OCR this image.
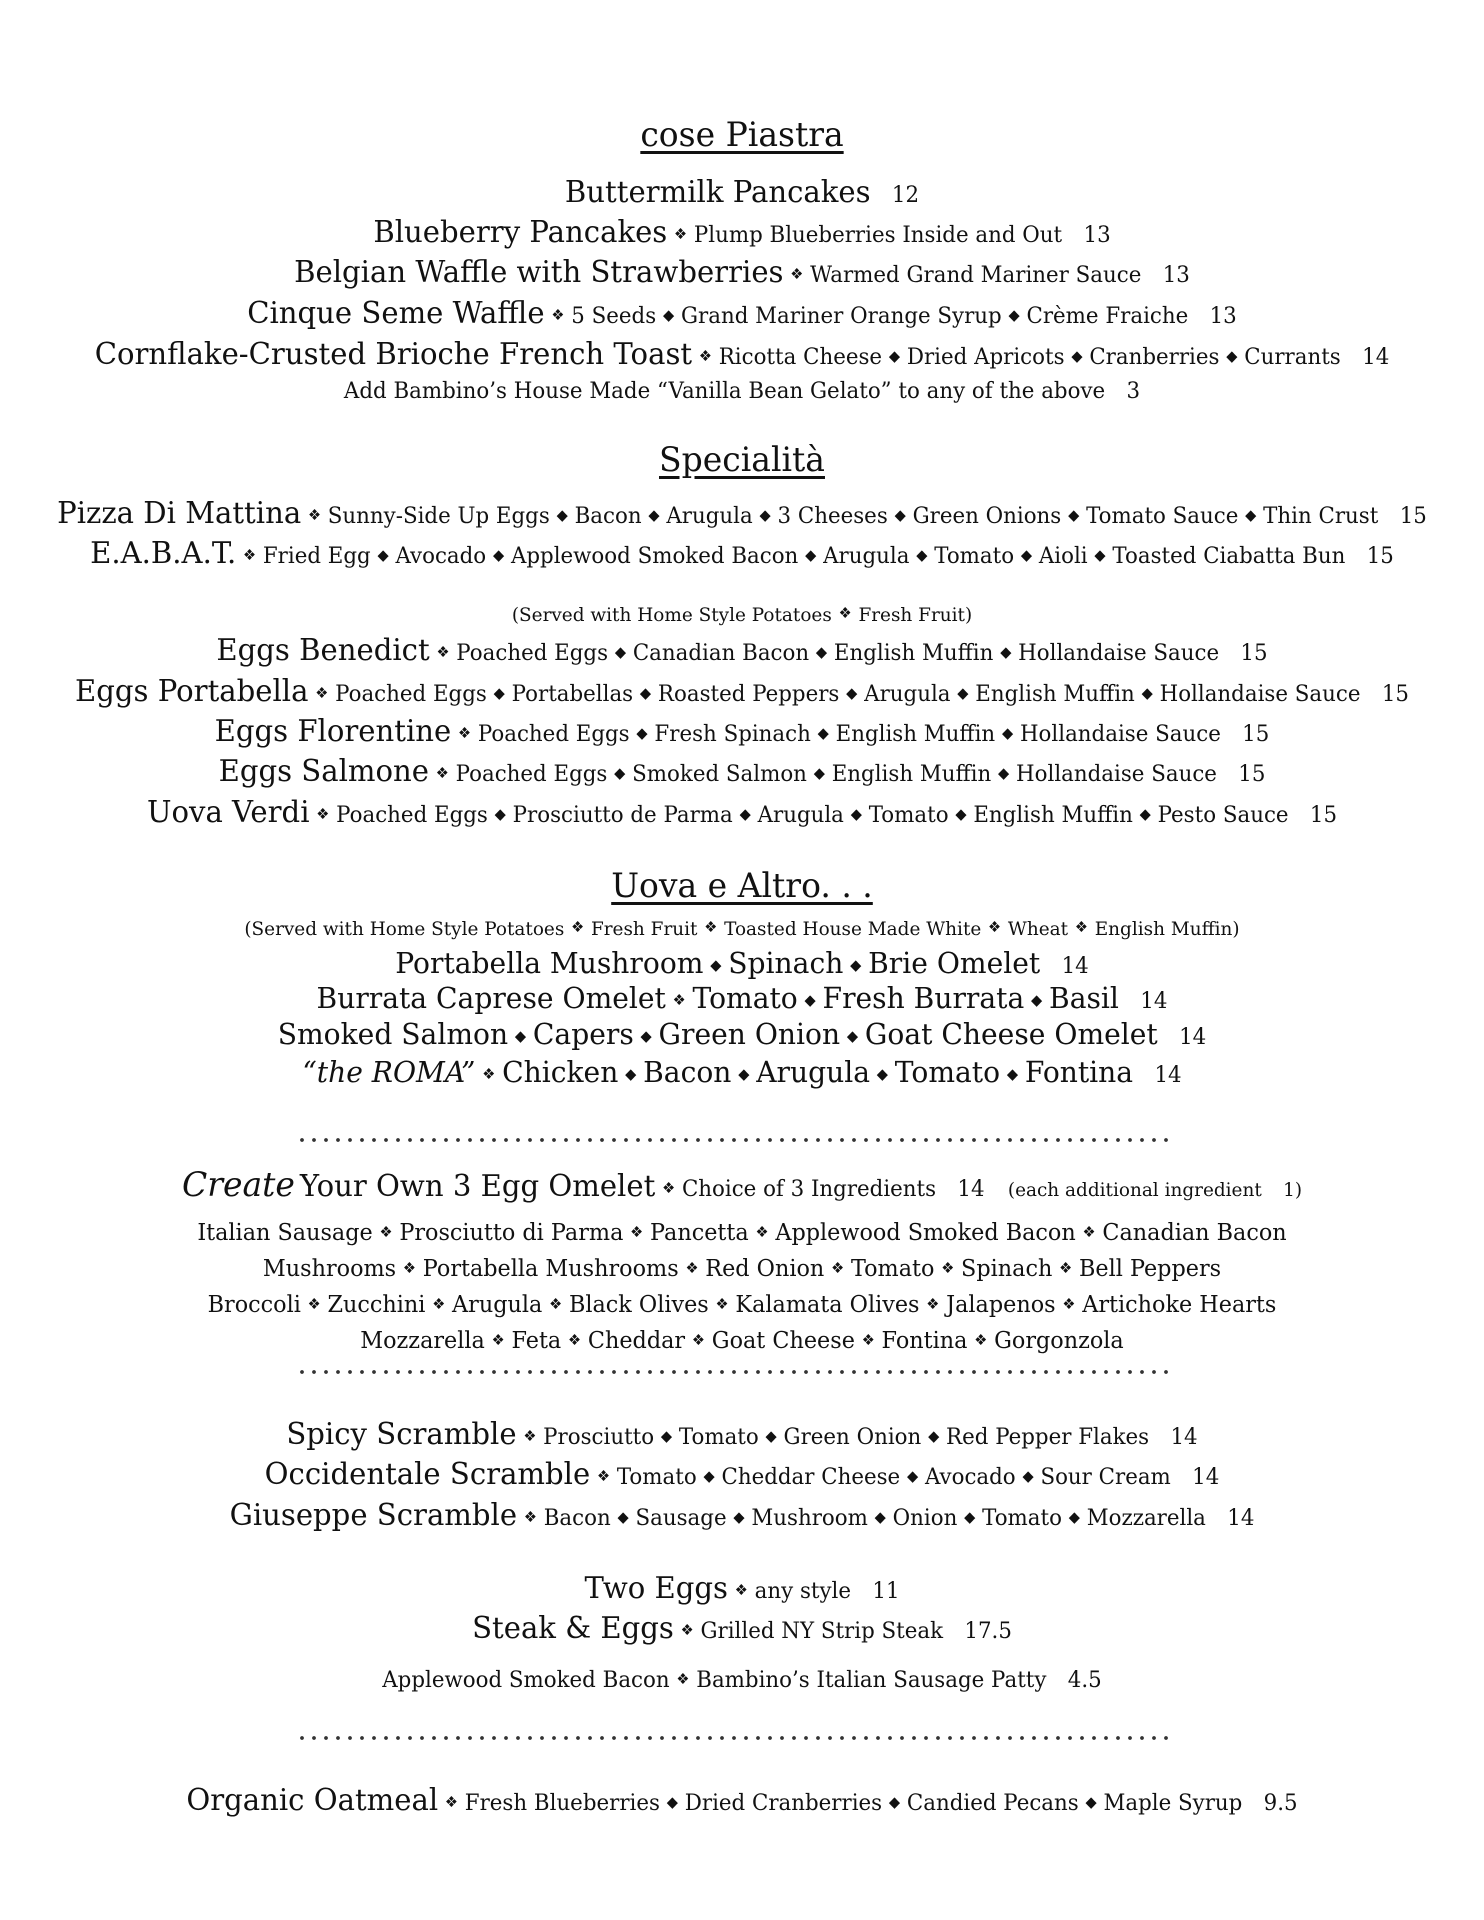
cose Piastra
Buttermilk Pancakes 12
Blueberry Pancakes ❖ Plump Blueberries Inside and Out 13
Belgian Waffle with Strawberries ❖ Warmed Grand Mariner Sauce 13
Cinque Seme Waffle ❖ 5 Seeds ◆ Grand Mariner Orange Syrup ◆ Crème Fraiche 13
Cornflake-Crusted Brioche French Toast ❖ Ricotta Cheese ◆ Dried Apricots ◆ Cranberries ◆ Currants 14
Add Bambino’s House Made “Vanilla Bean Gelato” to any of the above 3
Specialità
Pizza Di Mattina ❖ Sunny-Side Up Eggs ◆ Bacon ◆ Arugula ◆ 3 Cheeses ◆ Green Onions ◆ Tomato Sauce ◆ Thin Crust 15
E.A.B.A.T. ❖ Fried Egg ◆ Avocado ◆ Applewood Smoked Bacon ◆ Arugula ◆ Tomato ◆ Aioli ◆ Toasted Ciabatta Bun 15
(Served with Home Style Potatoes ❖ Fresh Fruit)
Eggs Benedict ❖ Poached Eggs ◆ Canadian Bacon ◆ English Muffin ◆ Hollandaise Sauce 15
Eggs Portabella ❖ Poached Eggs ◆ Portabellas ◆ Roasted Peppers ◆ Arugula ◆ English Muffin ◆ Hollandaise Sauce 15
Eggs Florentine ❖ Poached Eggs ◆ Fresh Spinach ◆ English Muffin ◆ Hollandaise Sauce 15
Eggs Salmone ❖ Poached Eggs ◆ Smoked Salmon ◆ English Muffin ◆ Hollandaise Sauce 15
Uova Verdi ❖ Poached Eggs ◆ Prosciutto de Parma ◆ Arugula ◆ Tomato ◆ English Muffin ◆ Pesto Sauce 15
Uova e Altro. . .
(Served with Home Style Potatoes ❖ Fresh Fruit ❖ Toasted House Made White ❖ Wheat ❖ English Muffin)
Portabella Mushroom ◆ Spinach ◆ Brie Omelet 14
Burrata Caprese Omelet ❖ Tomato ◆ Fresh Burrata ◆ Basil 14
Smoked Salmon ◆ Capers ◆ Green Onion ◆ Goat Cheese Omelet 14
“the ROMA” ❖ Chicken ◆ Bacon ◆ Arugula ◆ Tomato ◆ Fontina 14
Create Your Own 3 Egg Omelet ❖ Choice of 3 Ingredients 14 (each additional ingredient 1)
Italian Sausage ❖ Prosciutto di Parma ❖ Pancetta ❖ Applewood Smoked Bacon ❖ Canadian Bacon
Mushrooms ❖ Portabella Mushrooms ❖ Red Onion ❖ Tomato ❖ Spinach ❖ Bell Peppers
Broccoli ❖ Zucchini ❖ Arugula ❖ Black Olives ❖ Kalamata Olives ❖ Jalapenos ❖ Artichoke Hearts
Mozzarella ❖ Feta ❖ Cheddar ❖ Goat Cheese ❖ Fontina ❖ Gorgonzola
Spicy Scramble ❖ Prosciutto ◆ Tomato ◆ Green Onion ◆ Red Pepper Flakes 14
Occidentale Scramble ❖ Tomato ◆ Cheddar Cheese ◆ Avocado ◆ Sour Cream 14
Giuseppe Scramble ❖ Bacon ◆ Sausage ◆ Mushroom ◆ Onion ◆ Tomato ◆ Mozzarella 14
Two Eggs ❖ any style 11
Steak & Eggs ❖ Grilled NY Strip Steak 17.5
Applewood Smoked Bacon ❖ Bambino’s Italian Sausage Patty 4.5
Organic Oatmeal ❖ Fresh Blueberries ◆ Dried Cranberries ◆ Candied Pecans ◆ Maple Syrup 9.5
